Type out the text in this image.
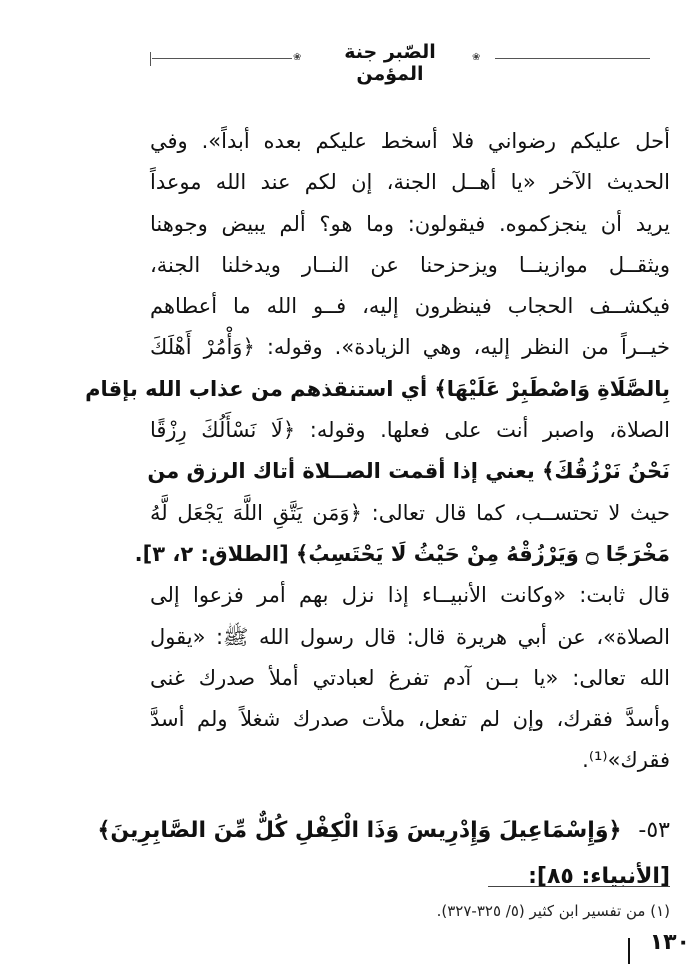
❀	الصّبر جنة المؤمن
❀
أحل عليكم رضواني فلا أسخط عليكم بعده أبداً». وفي
الحديث الآخر «يا أهــل الجنة، إن لكم عند الله موعداً
يريد أن ينجزكموه. فيقولون: وما هو؟ ألم يبيض وجوهنا
ويثقــل موازينــا ويزحزحنا عن النــار ويدخلنا الجنة،
فيكشــف الحجاب فينظرون إليه، فــو الله ما أعطاهم
خيــراً من النظر إليه، وهي الزيادة». وقوله: ﴿وَأْمُرْ أَهْلَكَ
بِالصَّلَاةِ وَاصْطَبِرْ عَلَيْهَا﴾ أي استنقذهم من عذاب الله بإقام
الصلاة، واصبر أنت على فعلها. وقوله: ﴿لَا نَسْأَلُكَ رِزْقًا
نَحْنُ نَرْزُقُكَ﴾ يعني إذا أقمت الصــلاة أتاك الرزق من
حيث لا تحتســب، كما قال تعالى: ﴿وَمَن يَتَّقِ اللَّهَ يَجْعَل لَّهُ
مَخْرَجًا ۝ وَيَرْزُقْهُ مِنْ حَيْثُ لَا يَحْتَسِبُ﴾ [الطلاق: ٢، ٣].
قال ثابت: «وكانت الأنبيــاء إذا نزل بهم أمر فزعوا إلى
الصلاة»، عن أبي هريرة قال: قال رسول الله ﷺ: «يقول
الله تعالى: «يا بــن آدم تفرغ لعبادتي أملأ صدرك غنى
وأسدَّ فقرك، وإن لم تفعل، ملأت صدرك شغلاً ولم أسدَّ
فقرك»⁽¹⁾.
٥٣- ﴿وَإِسْمَاعِيلَ وَإِدْرِيسَ وَذَا الْكِفْلِ كُلٌّ مِّنَ الصَّابِرِينَ﴾
[الأنبياء: ٨٥]:
(١) من تفسير ابن كثير (٥/ ٣٢٥-٣٢٧).
١٣٠
